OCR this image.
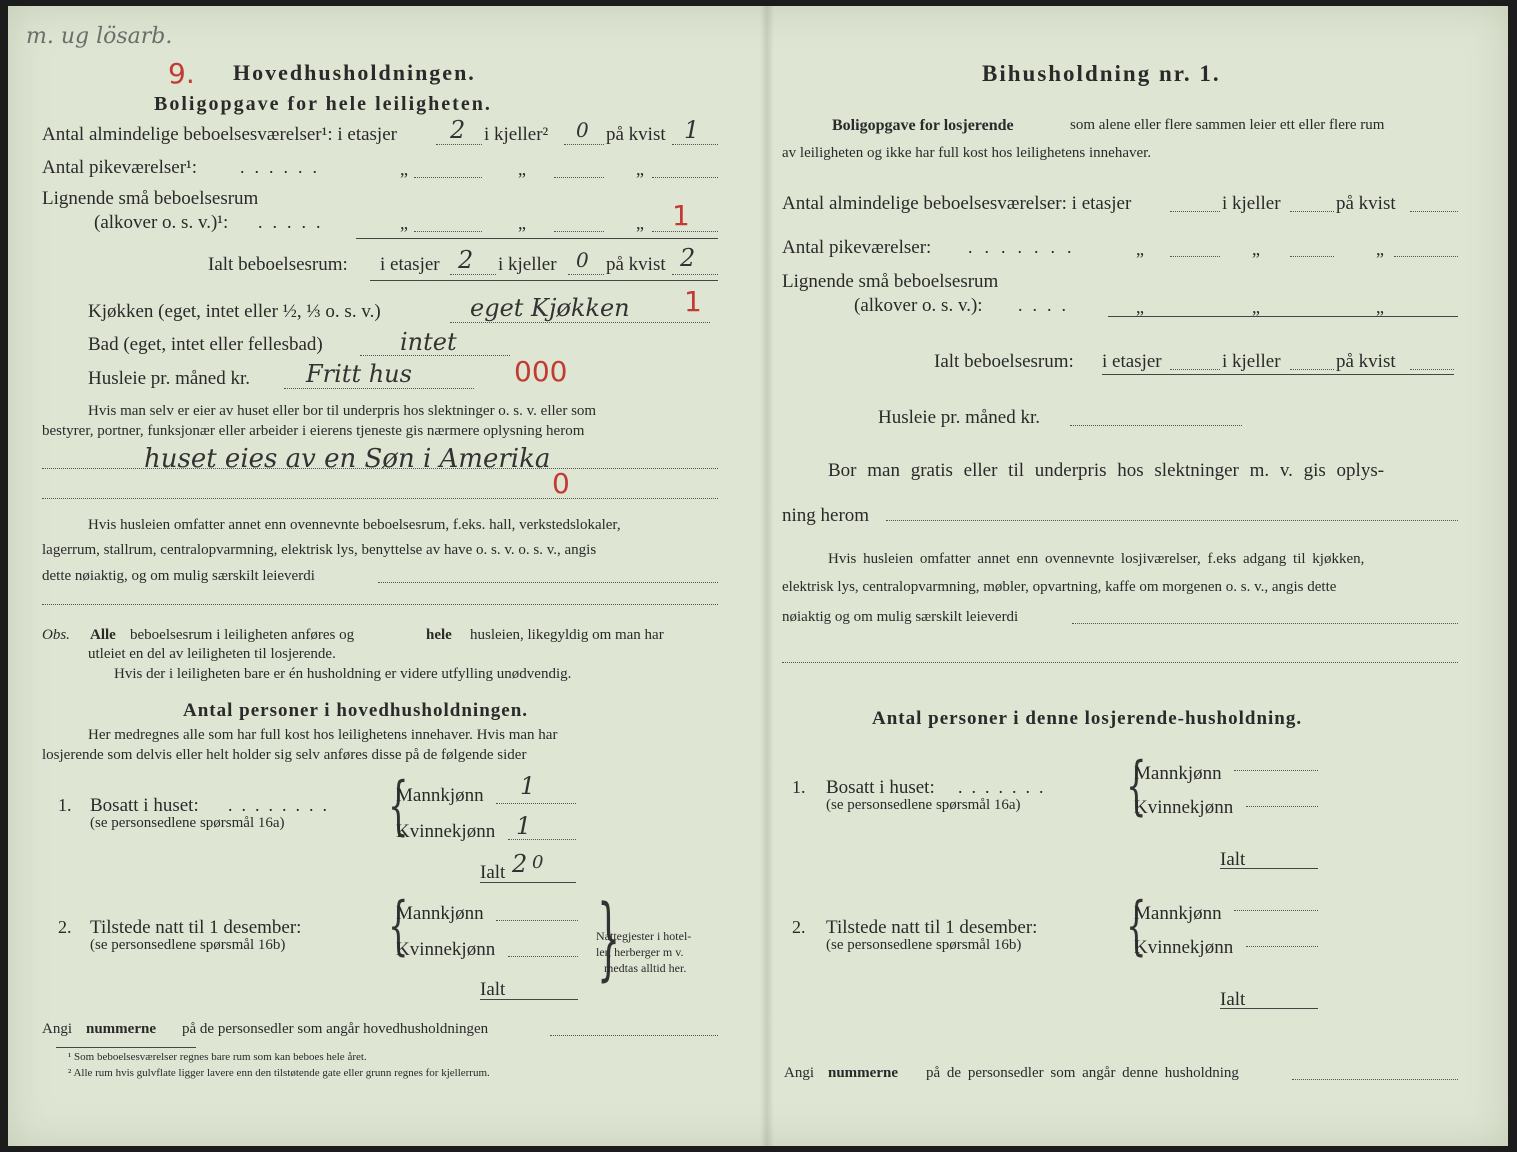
m. ug lösarb.
9. Hovedhusholdningen.
Boligopgave for hele leiligheten.
Antal almindelige beboelsesværelser¹: i etasjer 2 i kjeller² 0 på kvist 1
Antal pikeværelser¹: ......	„	„	„
Lignende små beboelsesrum
(alkover o. s. v.)¹: .....	„	„	„ 1
Ialt beboelsesrum: i etasjer 2 i kjeller 0 på kvist 2
Kjøkken (eget, intet eller ½, ⅓ o. s. v.)	eget Kjøkken 1
Bad (eget, intet eller fellesbad)	intet
Husleie pr. måned kr. Fritt hus	000
Hvis man selv er eier av huset eller bor til underpris hos slektninger o. s. v. eller som
bestyrer, portner, funksjonær eller arbeider i eierens tjeneste gis nærmere oplysning herom
huset eies av en Søn i Amerika
0
Hvis husleien omfatter annet enn ovennevnte beboelsesrum, f.eks. hall, verkstedslokaler,
lagerrum, stallrum, centralopvarmning, elektrisk lys, benyttelse av have o. s. v. o. s. v., angis
dette nøiaktig, og om mulig særskilt leieverdi
Obs. Alle beboelsesrum i leiligheten anføres og	hele husleien, likegyldig om man har
utleiet en del av leiligheten til losjerende.
Hvis der i leiligheten bare er én husholdning er videre utfylling unødvendig.
Antal personer i hovedhusholdningen.
Her medregnes alle som har full kost hos leilighetens innehaver. Hvis man har
losjerende som delvis eller helt holder sig selv anføres disse på de følgende sider
1. Bosatt i huset: ........
(se personsedlene spørsmål 16a) {
Mannkjønn 1
Kvinnekjønn 1
Ialt 2 0
2. Tilstede natt til 1 desember:
(se personsedlene spørsmål 16b) {
Mannkjønn
Kvinnekjønn
Ialt }
Nattegjester i hotel-
ler, herberger m v.
medtas alltid her.
Angi nummerne på de personsedler som angår hovedhusholdningen
¹ Som beboelsesværelser regnes bare rum som kan beboes hele året.
² Alle rum hvis gulvflate ligger lavere enn den tilstøtende gate eller grunn regnes for kjellerrum.
Bihusholdning nr. 1.
Boligopgave for losjerende	som alene eller flere sammen leier ett eller flere rum
av leiligheten og ikke har full kost hos leilighetens innehaver.
Antal almindelige beboelsesværelser: i etasjer	i kjeller	på kvist
Antal pikeværelser: .......	„	„	„
Lignende små beboelsesrum
(alkover o. s. v.): ....	„	„	„
Ialt beboelsesrum: i etasjer	i kjeller	på kvist
Husleie pr. måned kr.
Bor man gratis eller til underpris hos slektninger m. v. gis oplys-
ning herom
Hvis husleien omfatter annet enn ovennevnte losjiværelser, f.eks adgang til kjøkken,
elektrisk lys, centralopvarmning, møbler, opvartning, kaffe om morgenen o. s. v., angis dette
nøiaktig og om mulig særskilt leieverdi
Antal personer i denne losjerende-husholdning.
1. Bosatt i huset: .......
(se personsedlene spørsmål 16a) {
Mannkjønn
Kvinnekjønn
Ialt
2. Tilstede natt til 1 desember:
(se personsedlene spørsmål 16b) {
Mannkjønn
Kvinnekjønn
Ialt
Angi nummerne på de personsedler som angår denne husholdning
